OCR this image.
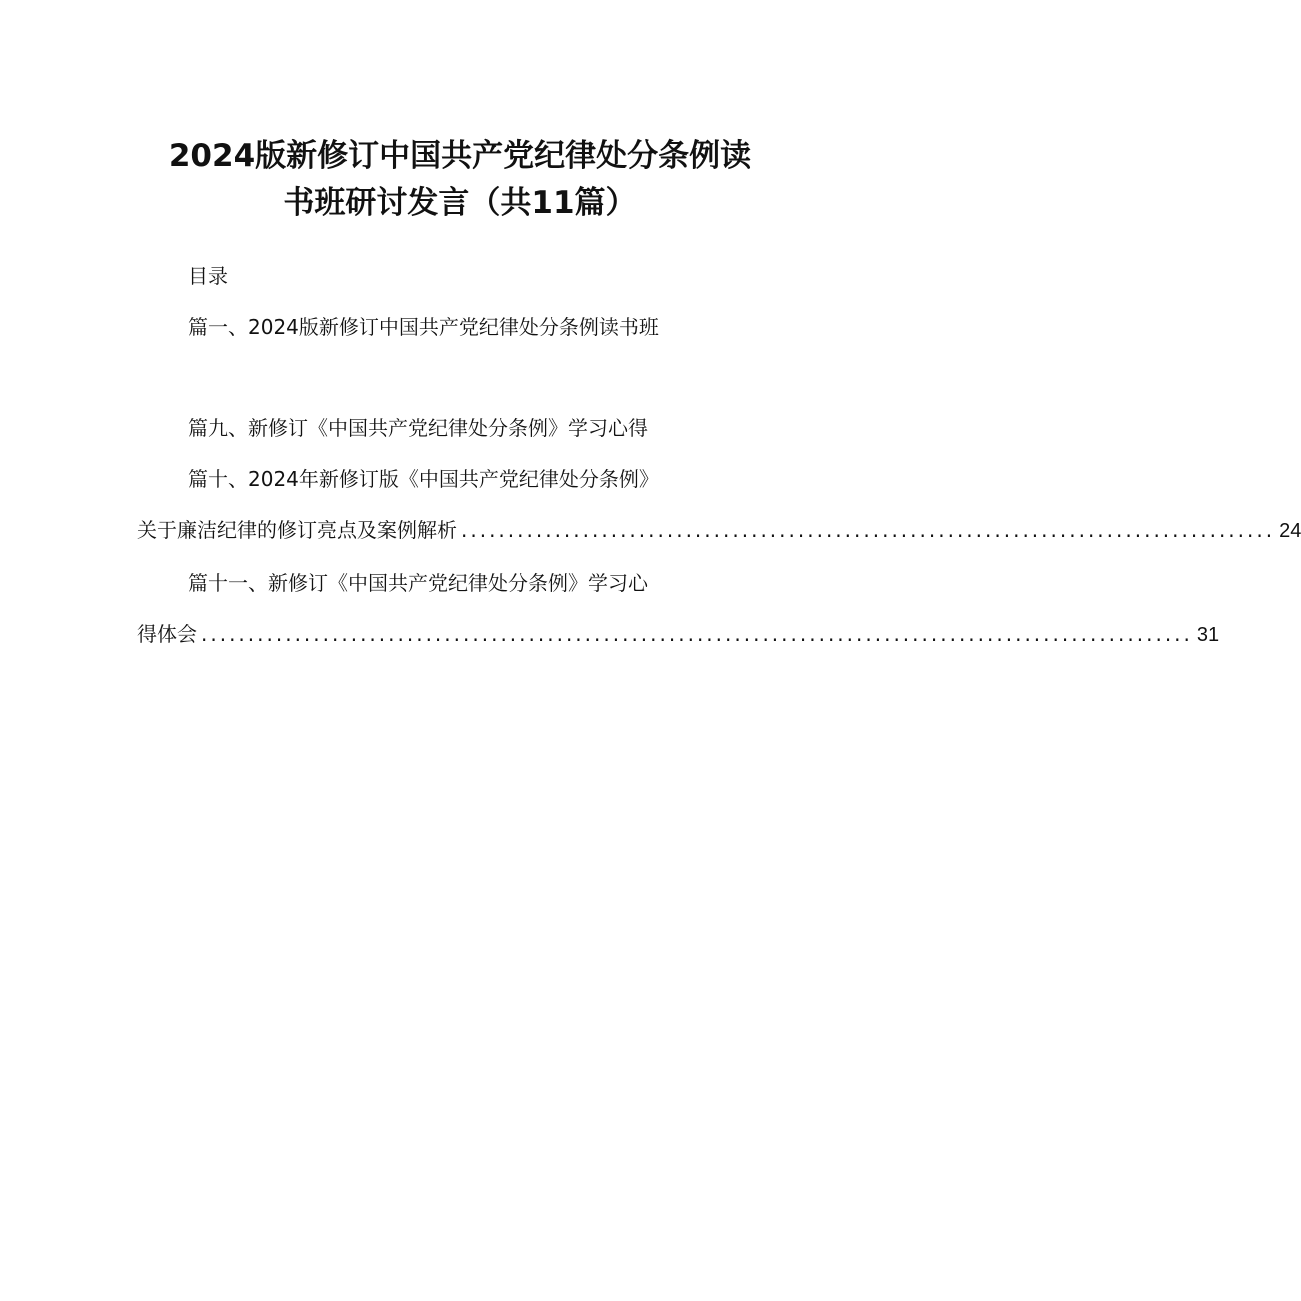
2024版新修订中国共产党纪律处分条例读
书班研讨发言（共11篇）
目录
篇一、2024版新修订中国共产党纪律处分条例读书班
篇九、新修订《中国共产党纪律处分条例》学习心得
篇十、2024年新修订版《中国共产党纪律处分条例》
关于廉洁纪律的修订亮点及案例解析 ....................................................................................... 24
篇十一、新修订《中国共产党纪律处分条例》学习心
得体会 .......................................................................................................... 31
